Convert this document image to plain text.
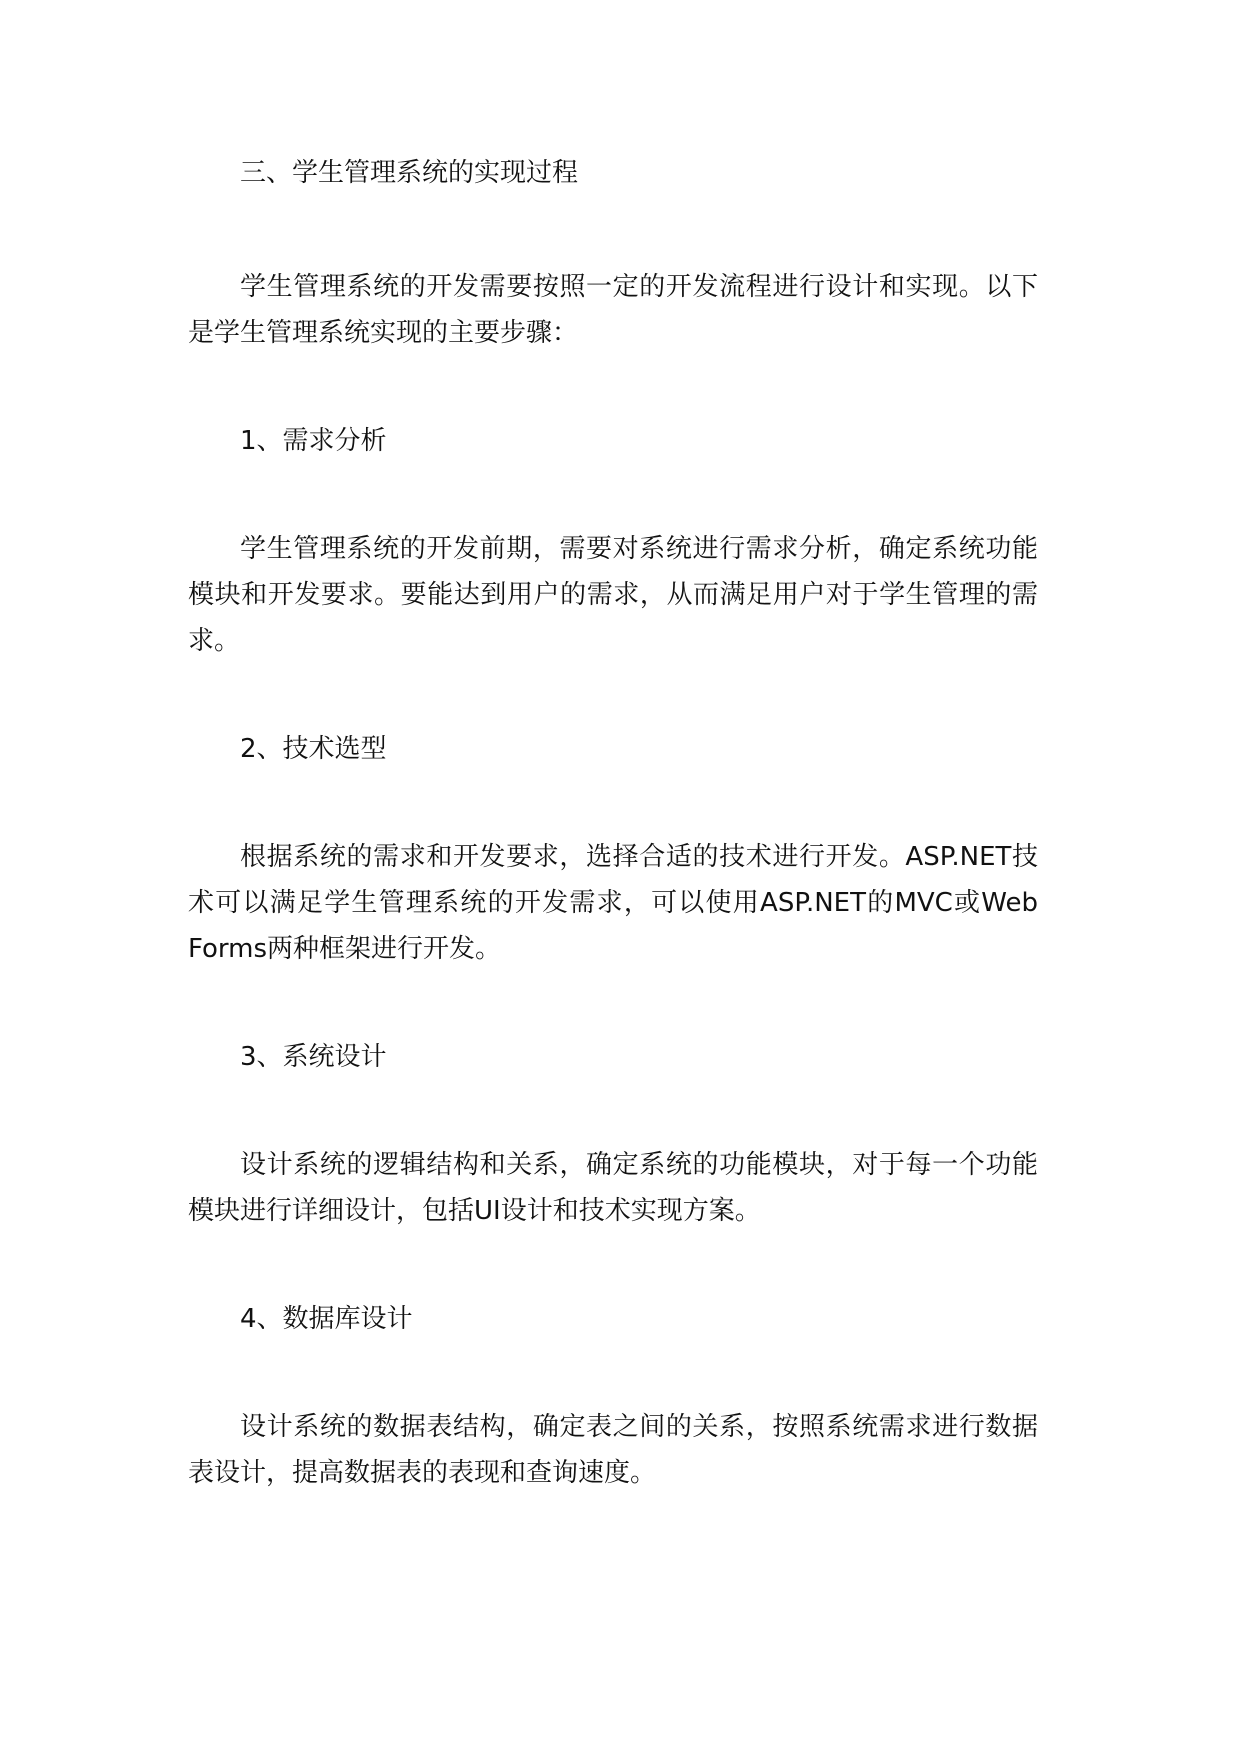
三、学生管理系统的实现过程

学生管理系统的开发需要按照一定的开发流程进行设计和实现。以下是学生管理系统实现的主要步骤：

1、需求分析

学生管理系统的开发前期，需要对系统进行需求分析，确定系统功能模块和开发要求。要能达到用户的需求，从而满足用户对于学生管理的需求。

2、技术选型

根据系统的需求和开发要求，选择合适的技术进行开发。ASP.NET技术可以满足学生管理系统的开发需求，可以使用ASP.NET的MVC或Web Forms两种框架进行开发。

3、系统设计

设计系统的逻辑结构和关系，确定系统的功能模块，对于每一个功能模块进行详细设计，包括UI设计和技术实现方案。

4、数据库设计

设计系统的数据表结构，确定表之间的关系，按照系统需求进行数据表设计，提高数据表的表现和查询速度。
